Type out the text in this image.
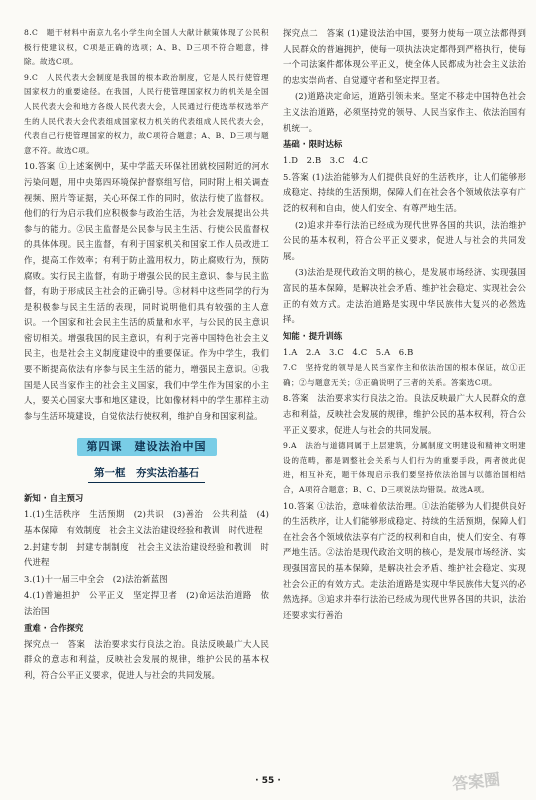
8.C　题干材料中南京九名小学生向全国人大献计献策体现了公民积极行使建议权，C项是正确的选项；A、B、D三项不符合题意，排除。故选C项。

9.C　人民代表大会制度是我国的根本政治制度，它是人民行使管理国家权力的重要途径。在我国，人民行使管理国家权力的机关是全国人民代表大会和地方各级人民代表大会，人民通过行使选举权选举产生的人民代表大会代表组成国家权力机关的代表组成人民代表大会，代表自己行使管理国家的权力，故C项符合题意；A、B、D三项与题意不符。故选C项。

10.答案 ①上述案例中，某中学蓝天环保社团就校园附近的河水污染问题，用中央第四环境保护督察组写信，同时附上相关调查视频、照片等证据，关心环保工作的同时，依法行使了监督权。他们的行为启示我们应积极参与政治生活，为社会发展提出公共参与的能力。②民主监督是公民参与民主生活、行使公民监督权的具体体现。民主监督，有利于国家机关和国家工作人员改进工作，提高工作效率；有利于防止滥用权力，防止腐败行为，预防腐败。实行民主监督，有助于增强公民的民主意识、参与民主监督，有助于形成民主社会的正确引导。③材料中这些同学的行为是积极参与民主生活的表现，同时说明他们具有较强的主人意识。一个国家和社会民主生活的质量和水平，与公民的民主意识密切相关。增强我国的民主意识，有利于完善中国特色社会主义民主，也是社会主义制度建设中的重要保证。作为中学生，我们要不断提高依法有序参与民主生活的能力，增强民主意识。④我国是人民当家作主的社会主义国家，我们中学生作为国家的小主人，要关心国家大事和地区建设，比如像材料中的学生那样主动参与生活环境建设，自觉依法行使权利，维护自身和国家利益。

第四课　建设法治中国
第一框　夯实法治基石
新知 · 自主预习

1.(1)生活秩序　生活预期　(2)共识　(3)善治　公共利益　(4)基本保障　有效制度　社会主义法治建设经验和教训　时代进程

2.封建专制　封建专制制度　社会主义法治建设经验和教训　时代进程

3.(1)十一届三中全会　(2)法治新蓝图

4.(1)普遍担护　公平正义　坚定捍卫者　(2)命运法治道路　依法治国

重难 · 合作探究

探究点一　答案　法治要求实行良法之治。良法反映最广大人民群众的意志和利益，反映社会发展的规律，维护公民的基本权利，符合公平正义要求，促进人与社会的共同发展。

探究点二　答案 (1)建设法治中国，要努力使每一项立法都得到人民群众的普遍拥护，使每一项执法决定都得到严格执行，使每一个司法案件都体现公平正义，使全体人民都成为社会主义法治的忠实崇尚者、自觉遵守者和坚定捍卫者。

(2)道路决定命运，道路引领未来。坚定不移走中国特色社会主义法治道路，必须坚持党的领导、人民当家作主、依法治国有机统一。

基础 · 限时达标

1.D　2.B　3.C　4.C

5.答案 (1)法治能够为人们提供良好的生活秩序，让人们能够形成稳定、持续的生活预期，保障人们在社会各个领域依法享有广泛的权利和自由，使人们安全、有尊严地生活。

(2)追求并奉行法治已经成为现代世界各国的共识，法治维护公民的基本权利，符合公平正义要求，促进人与社会的共同发展。

(3)法治是现代政治文明的核心，是发展市场经济、实现强国富民的基本保障，是解决社会矛盾、维护社会稳定、实现社会公正的有效方式。走法治道路是实现中华民族伟大复兴的必然选择。

知能 · 提升训练

1.A　2.A　3.C　4.C　5.A　6.B

7.C　坚持党的领导是人民当家作主和依法治国的根本保证，故①正确；②与题意无关；③正确说明了三者的关系。答案选C项。

8.答案　法治要求实行良法之治。良法反映最广大人民群众的意志和利益，反映社会发展的规律，维护公民的基本权利，符合公平正义要求，促进人与社会的共同发展。

9.A　法治与道德同属于上层建筑，分属制度文明建设和精神文明建设的范畴，都是调整社会关系与人们行为的重要手段，两者彼此促进，相互补充，题干体现启示我们要坚持依法治国与以德治国相结合，A项符合题意；B、C、D三项说法均错误。故选A项。

10.答案 ①法治，意味着依法治理。①法治能够为人们提供良好的生活秩序，让人们能够形成稳定、持续的生活预期，保障人们在社会各个领域依法享有广泛的权利和自由，使人们安全、有尊严地生活。②法治是现代政治文明的核心，是发展市场经济、实现强国富民的基本保障，是解决社会矛盾、维护社会稳定、实现社会公正的有效方式。走法治道路是实现中华民族伟大复兴的必然选择。③追求并奉行法治已经成为现代世界各国的共识，法治还要求实行善治

· 55 ·	答案圈
